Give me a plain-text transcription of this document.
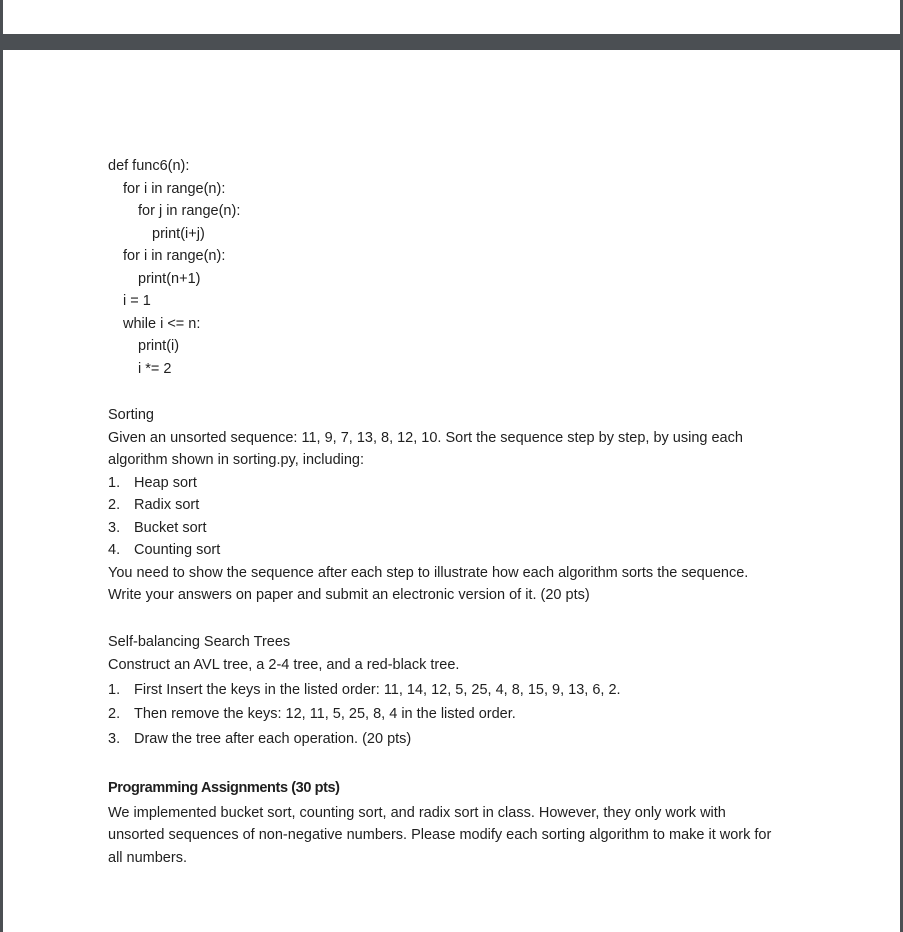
def func6(n):
for i in range(n):
for j in range(n):
print(i+j)
for i in range(n):
print(n+1)
i = 1
while i <= n:
print(i)
i *= 2
Sorting
Given an unsorted sequence: 11, 9, 7, 13, 8, 12, 10. Sort the sequence step by step, by using each
algorithm shown in sorting.py, including:
1. Heap sort
2. Radix sort
3. Bucket sort
4. Counting sort
You need to show the sequence after each step to illustrate how each algorithm sorts the sequence.
Write your answers on paper and submit an electronic version of it. (20 pts)
Self-balancing Search Trees
Construct an AVL tree, a 2-4 tree, and a red-black tree.
1. First Insert the keys in the listed order: 11, 14, 12, 5, 25, 4, 8, 15, 9, 13, 6, 2.
2. Then remove the keys: 12, 11, 5, 25, 8, 4 in the listed order.
3. Draw the tree after each operation. (20 pts)
Programming Assignments (30 pts)
We implemented bucket sort, counting sort, and radix sort in class. However, they only work with
unsorted sequences of non-negative numbers. Please modify each sorting algorithm to make it work for
all numbers.
